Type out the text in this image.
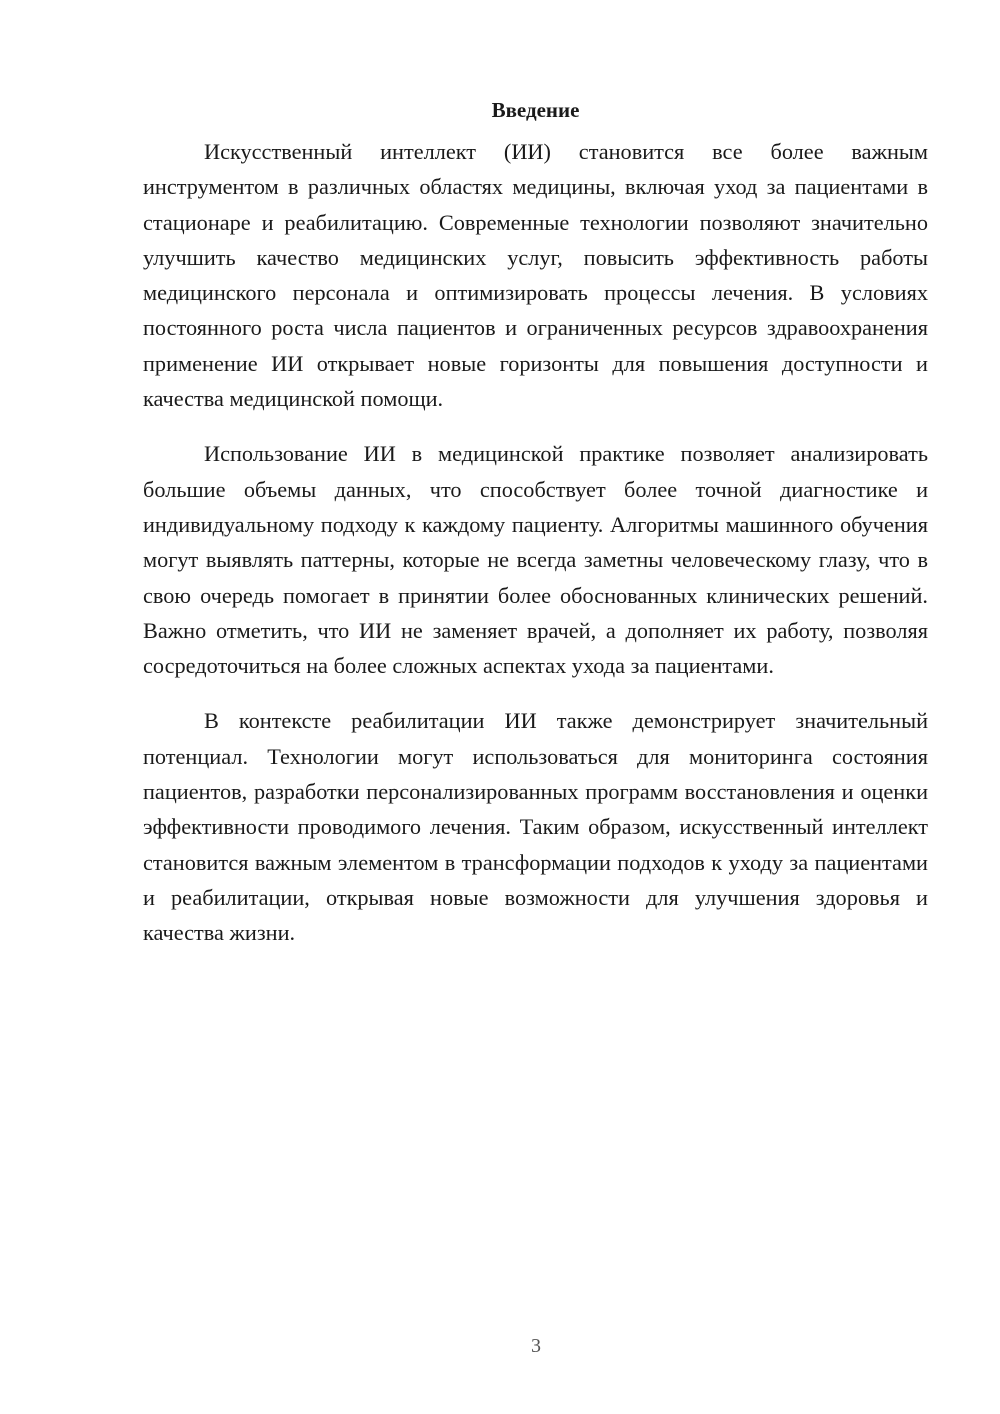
Введение

Искусственный интеллект (ИИ) становится все более важным инструментом в различных областях медицины, включая уход за пациентами в стационаре и реабилитацию. Современные технологии позволяют значительно улучшить качество медицинских услуг, повысить эффективность работы медицинского персонала и оптимизировать процессы лечения. В условиях постоянного роста числа пациентов и ограниченных ресурсов здравоохранения применение ИИ открывает новые горизонты для повышения доступности и качества медицинской помощи.

Использование ИИ в медицинской практике позволяет анализировать большие объемы данных, что способствует более точной диагностике и индивидуальному подходу к каждому пациенту. Алгоритмы машинного обучения могут выявлять паттерны, которые не всегда заметны человеческому глазу, что в свою очередь помогает в принятии более обоснованных клинических решений. Важно отметить, что ИИ не заменяет врачей, а дополняет их работу, позволяя сосредоточиться на более сложных аспектах ухода за пациентами.

В контексте реабилитации ИИ также демонстрирует значительный потенциал. Технологии могут использоваться для мониторинга состояния пациентов, разработки персонализированных программ восстановления и оценки эффективности проводимого лечения. Таким образом, искусственный интеллект становится важным элементом в трансформации подходов к уходу за пациентами и реабилитации, открывая новые возможности для улучшения здоровья и качества жизни.

3
